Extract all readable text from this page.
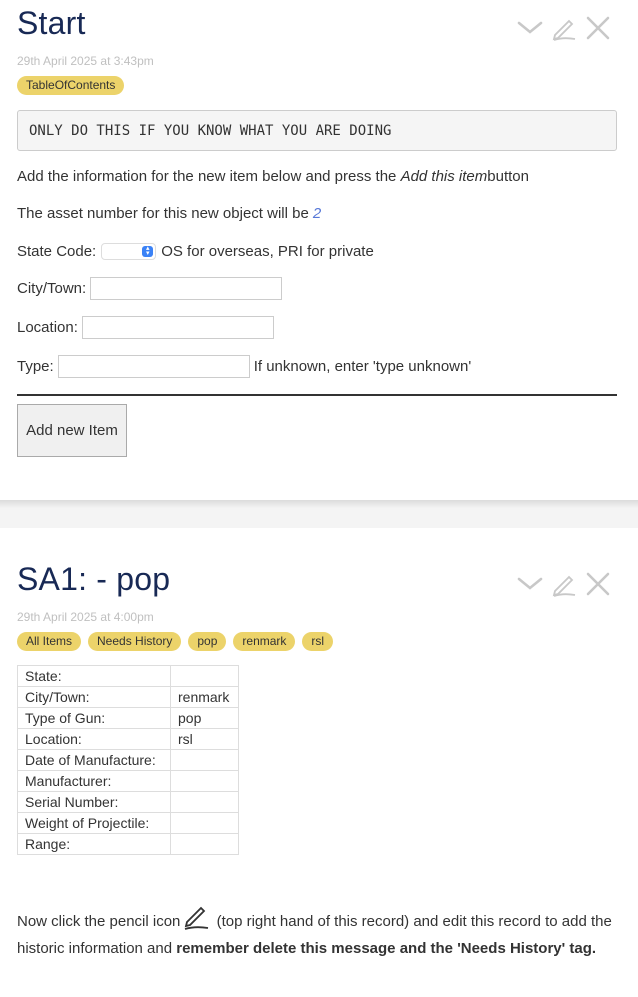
Start
29th April 2025 at 3:43pm
TableOfContents
ONLY DO THIS IF YOU KNOW WHAT YOU ARE DOING
Add the information for the new item below and press the
Add this item button
The asset number for this new object will be 2
State Code:	▴
▾ OS for overseas, PRI for private
City/Town:
Location:
Type:	If unknown, enter 'type unknown'
Add new Item
SA1: - pop
29th April 2025 at 4:00pm
All Items	Needs History	pop	renmark	rsl
State:	
City/Town:	renmark
Type of Gun:	pop
Location:	rsl
Date of Manufacture:	
Manufacturer:	
Serial Number:	
Weight of Projectile:	
Range:	
Now click the pencil icon (top right hand of this record) and edit this record to add the historic information and remember delete this message and the 'Needs History' tag.
